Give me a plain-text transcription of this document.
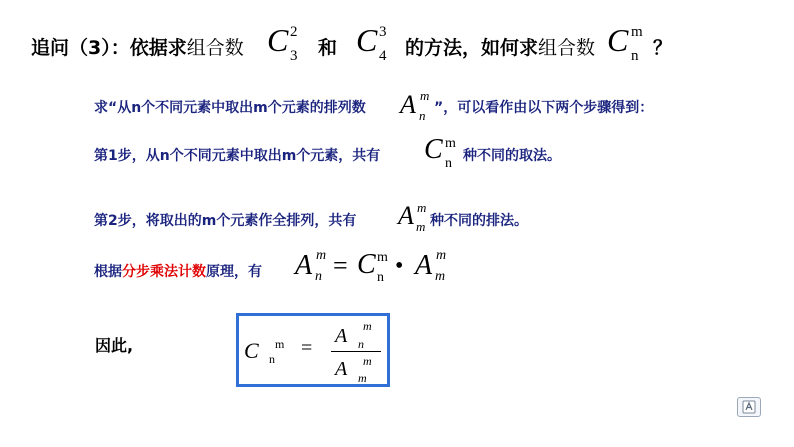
追问（3）：依据求组合数 C 2
3 和 C 3
4 的方法，如何求组合数 C m
n ？
求“从n个不同元素中取出m个元素的排列数 A m
n ”，可以看作由以下两个步骤得到：
第1步，从n个不同元素中取出m个元素，共有 C m
n 种不同的取法。
第2步，将取出的m个元素作全排列，共有 A m
m 种不同的排法。
根据分步乘法计数原理，有 A m
n = C m
n • A m
m
因此,	C m
n =
A m
n
A m
m
